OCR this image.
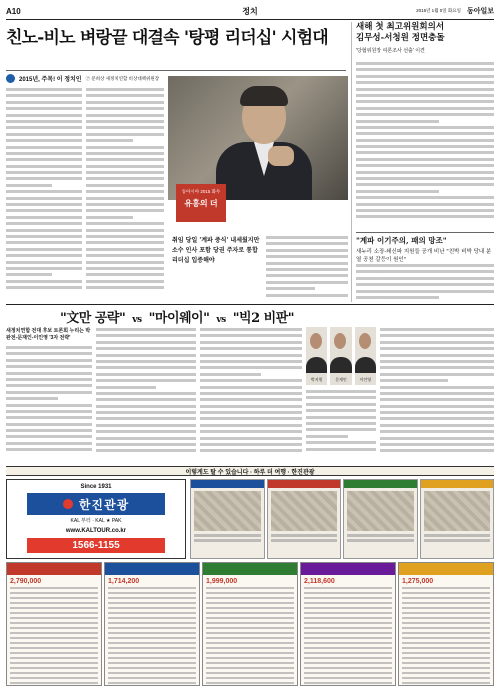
A10	정치	2015년 1월 0일 화요일 동아일보
친노-비노 벼랑끝 대결속 '탕평 리더십' 시험대
새해 첫 최고위원회의서
김무성-서청원 정면충돌
'당협위원장 여론조사 선출' 이견
2015년, 주목! 이 정치인 ⑦ 문희상 새정치연합 비상대책위원장
동아시아 2015 화두
유홍의 더
취임 당일 '계파 중식' 내세웠지만 소수 인사 포함 당권 주자로 통합 리더십 입증해야
"계파 이기주의, 패의 망조"
새누리 소장-쇄신파 지원들 공개 비난 "친박 비박 당내 분열 공천 갈등이 원인"
"文만 공략" vs "마이웨이" vs "빅2 비판"
새정치연합 전대 후보 토론회 누리는 박완전-문재인-이인영 '3자 전략'
박지원	문재인	이인영
이렇게도 탈 수 있습니다 · 하루 더 여행 · 한진관광
Since 1931
한진관광
KAL 부터 · KAL ★ PAK
www.KALTOUR.co.kr
1566-1155
2,790,000	1,714,200	1,999,000	2,118,600	1,275,000
